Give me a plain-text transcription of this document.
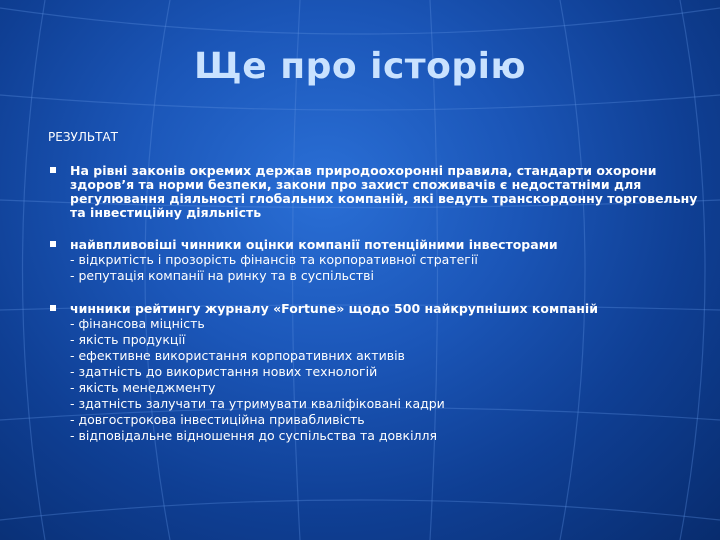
Ще про історію
РЕЗУЛЬТАТ
На рівні законів окремих держав природоохоронні правила, стандарти охорони здоров’я та норми безпеки, закони про захист споживачів є недостатніми для регулювання діяльності глобальних компаній, які ведуть транскордонну торговельну та інвестиційну діяльність
найвпливовіші чинники оцінки компанії потенційними інвесторами
- відкритість і прозорість фінансів та корпоративної стратегії
- репутація компанії на ринку та в суспільстві
чинники рейтингу журналу «Fortune» щодо 500 найкрупніших компаній
- фінансова міцність
- якість продукції
- ефективне використання корпоративних активів
- здатність до використання нових технологій
- якість менеджменту
- здатність залучати та утримувати кваліфіковані кадри
- довгострокова інвестиційна привабливість
- відповідальне відношення до суспільства та довкілля
